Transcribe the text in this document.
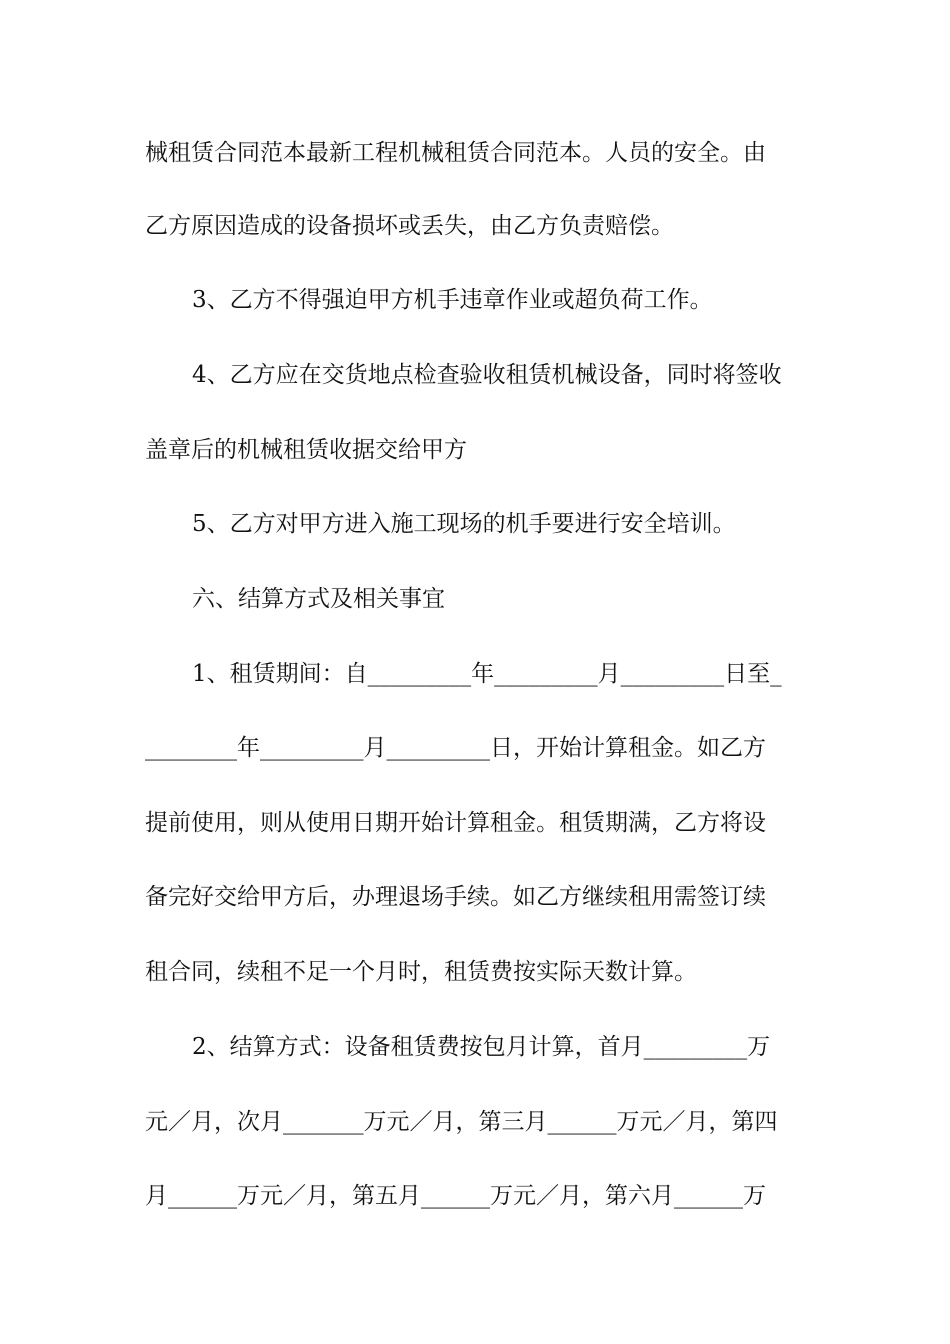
械租赁合同范本最新工程机械租赁合同范本。人员的安全。由
乙方原因造成的设备损坏或丢失，由乙方负责赔偿。
3、乙方不得强迫甲方机手违章作业或超负荷工作。
4、乙方应在交货地点检查验收租赁机械设备，同时将签收
盖章后的机械租赁收据交给甲方
5、乙方对甲方进入施工现场的机手要进行安全培训。
六、结算方式及相关事宜
1、租赁期间：自_________年_________月_________日至_
________年_________月_________日，开始计算租金。如乙方
提前使用，则从使用日期开始计算租金。租赁期满，乙方将设
备完好交给甲方后，办理退场手续。如乙方继续租用需签订续
租合同，续租不足一个月时，租赁费按实际天数计算。
2、结算方式：设备租赁费按包月计算，首月_________万
元／月，次月_______万元／月，第三月______万元／月，第四
月______万元／月，第五月______万元／月，第六月______万
